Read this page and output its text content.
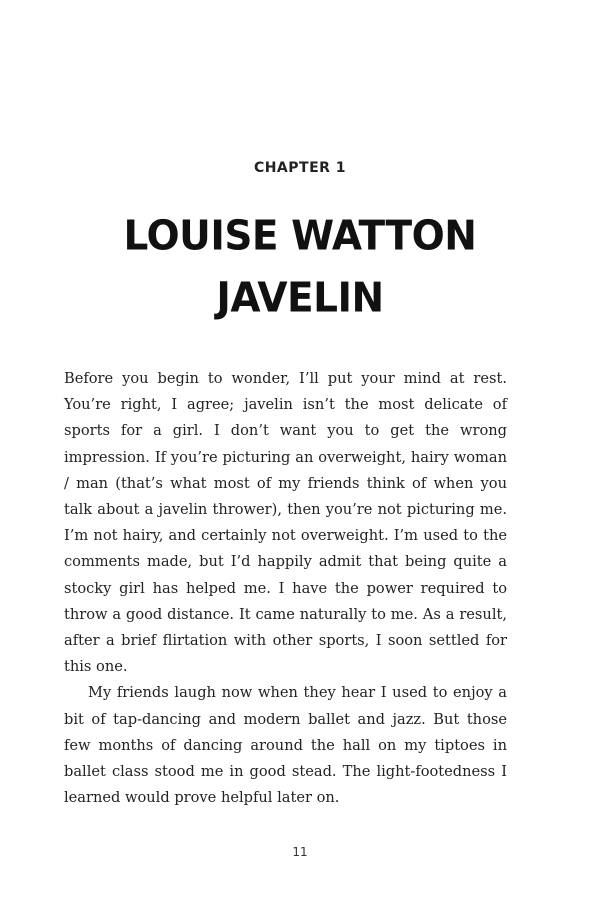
CHAPTER 1
LOUISE WATTON
JAVELIN

Before you begin to wonder, I’ll put your mind at rest. You’re right, I agree; javelin isn’t the most delicate of sports for a girl. I don’t want you to get the wrong impression. If you’re picturing an overweight, hairy woman / man (that’s what most of my friends think of when you talk about a javelin thrower), then you’re not picturing me. I’m not hairy, and certainly not overweight. I’m used to the comments made, but I’d happily admit that being quite a stocky girl has helped me. I have the power required to throw a good distance. It came naturally to me. As a result, after a brief flirtation with other sports, I soon settled for this one.

My friends laugh now when they hear I used to enjoy a bit of tap-dancing and modern ballet and jazz. But those few months of dancing around the hall on my tiptoes in ballet class stood me in good stead. The light-footedness I learned would prove helpful later on.

11
